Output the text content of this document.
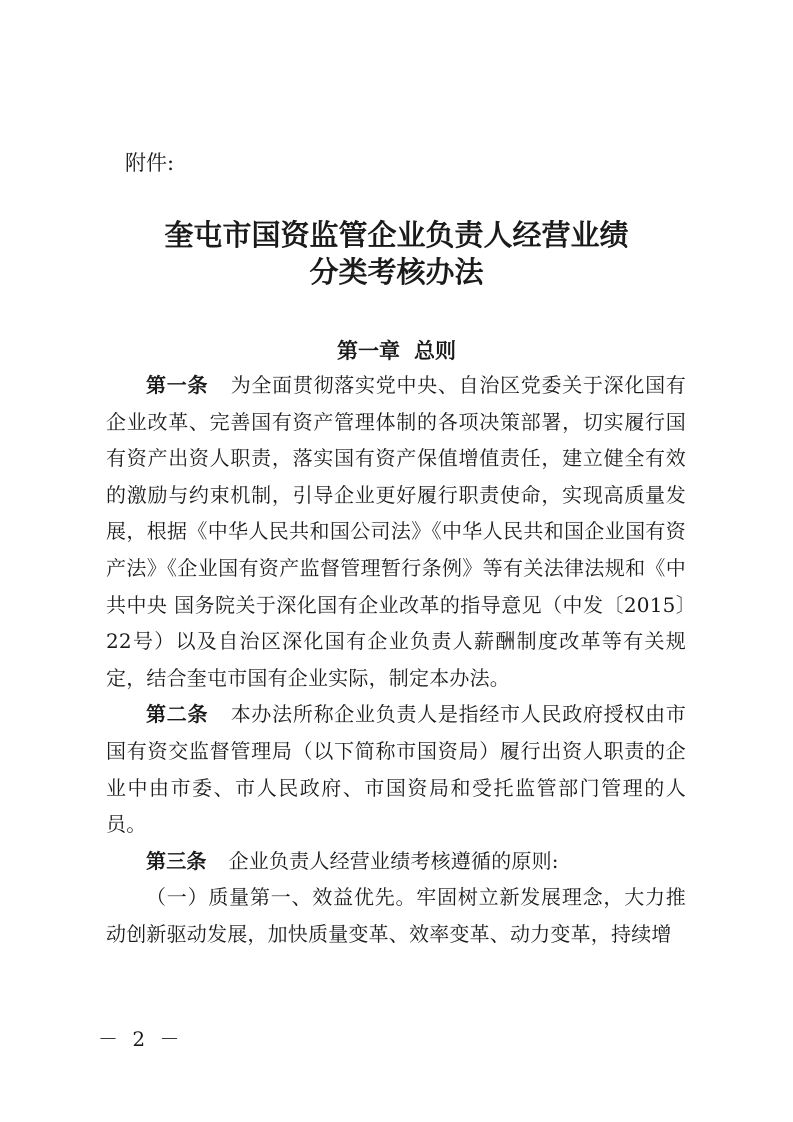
附件:
奎屯市国资监管企业负责人经营业绩
分类考核办法
第一章 总则

第一条 为全面贯彻落实党中央、自治区党委关于深化国有企业改革、完善国有资产管理体制的各项决策部署，切实履行国有资产出资人职责，落实国有资产保值增值责任，建立健全有效的激励与约束机制，引导企业更好履行职责使命，实现高质量发展，根据《中华人民共和国公司法》《中华人民共和国企业国有资产法》《企业国有资产监督管理暂行条例》等有关法律法规和《中共中央 国务院关于深化国有企业改革的指导意见（中发〔2015〕22号）以及自治区深化国有企业负责人薪酬制度改革等有关规定，结合奎屯市国有企业实际，制定本办法。

第二条 本办法所称企业负责人是指经市人民政府授权由市国有资交监督管理局（以下简称市国资局）履行出资人职责的企业中由市委、市人民政府、市国资局和受托监管部门管理的人员。

第三条 企业负责人经营业绩考核遵循的原则:

（一）质量第一、效益优先。牢固树立新发展理念，大力推动创新驱动发展，加快质量变革、效率变革、动力变革，持续增

－ 2 －
